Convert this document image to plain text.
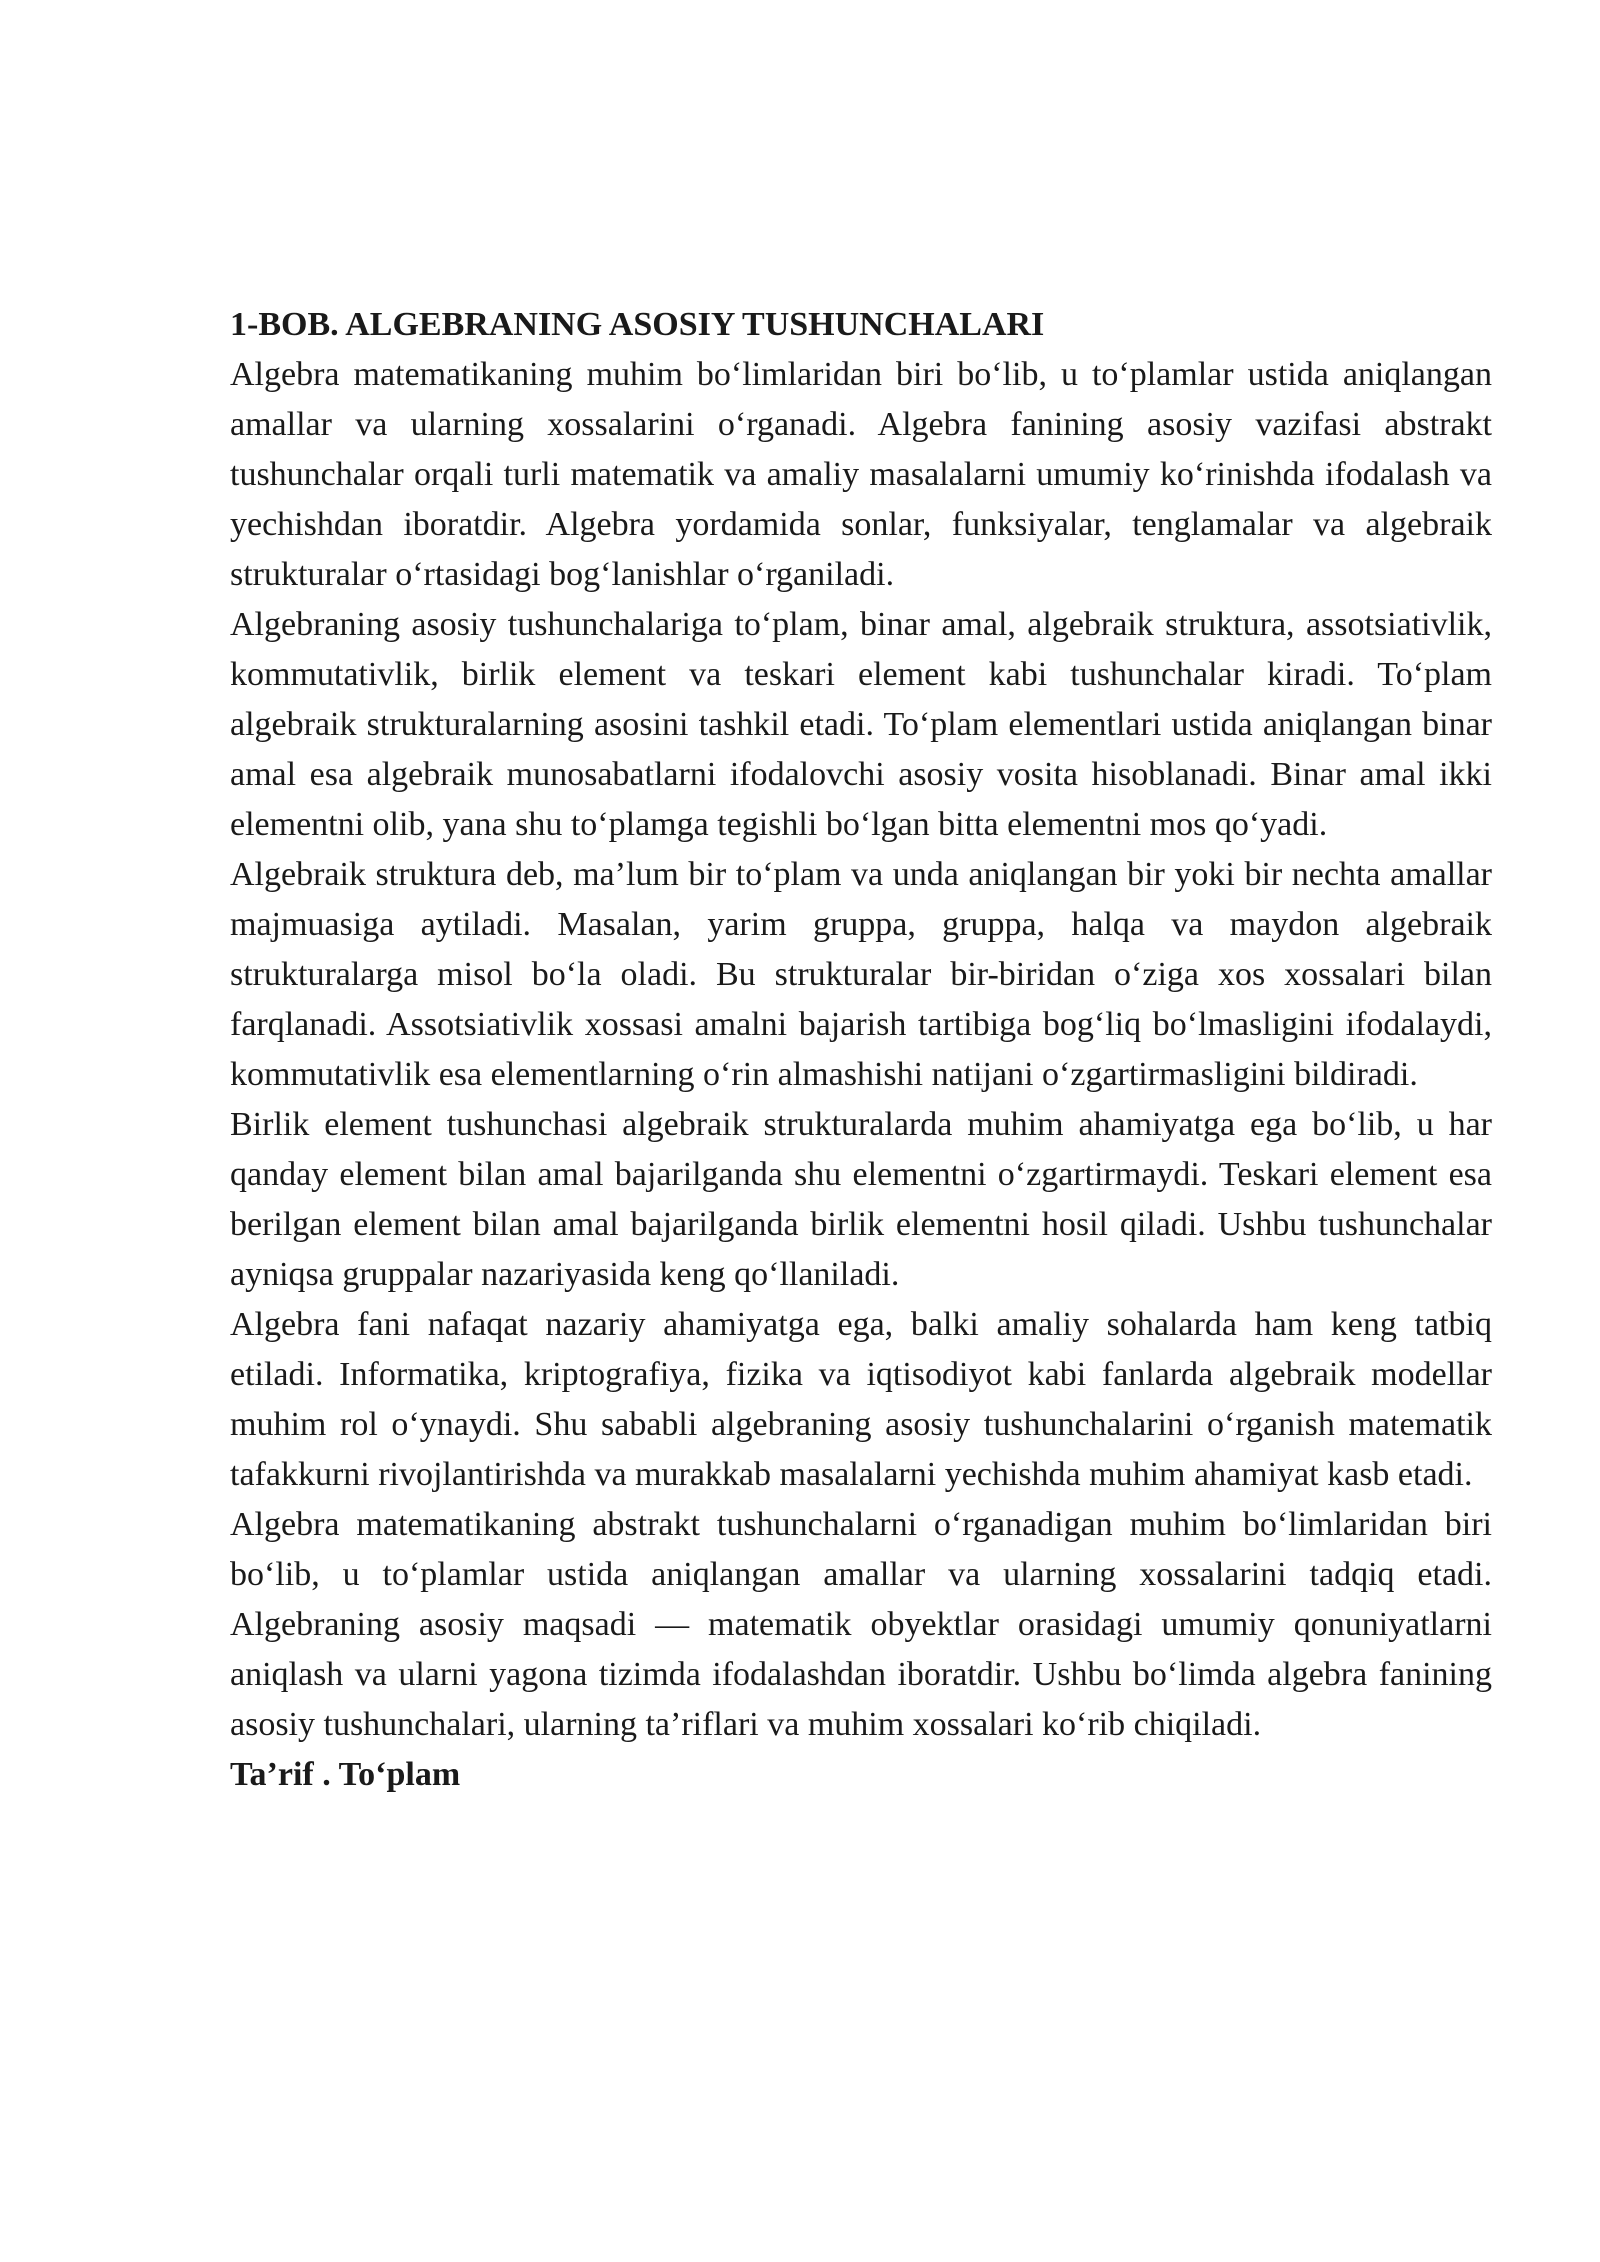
1-BOB. ALGEBRANING ASOSIY TUSHUNCHALARI

Algebra matematikaning muhim bo‘limlaridan biri bo‘lib, u to‘plamlar ustida aniqlangan amallar va ularning xossalarini o‘rganadi. Algebra fanining asosiy vazifasi abstrakt tushunchalar orqali turli matematik va amaliy masalalarni umumiy ko‘rinishda ifodalash va yechishdan iboratdir. Algebra yordamida sonlar, funksiyalar, tenglamalar va algebraik strukturalar o‘rtasidagi bog‘lanishlar o‘rganiladi.

Algebraning asosiy tushunchalariga to‘plam, binar amal, algebraik struktura, assotsiativlik, kommutativlik, birlik element va teskari element kabi tushunchalar kiradi. To‘plam algebraik strukturalarning asosini tashkil etadi. To‘plam elementlari ustida aniqlangan binar amal esa algebraik munosabatlarni ifodalovchi asosiy vosita hisoblanadi. Binar amal ikki elementni olib, yana shu to‘plamga tegishli bo‘lgan bitta elementni mos qo‘yadi.

Algebraik struktura deb, ma’lum bir to‘plam va unda aniqlangan bir yoki bir nechta amallar majmuasiga aytiladi. Masalan, yarim gruppa, gruppa, halqa va maydon algebraik strukturalarga misol bo‘la oladi. Bu strukturalar bir-biridan o‘ziga xos xossalari bilan farqlanadi. Assotsiativlik xossasi amalni bajarish tartibiga bog‘liq bo‘lmasligini ifodalaydi, kommutativlik esa elementlarning o‘rin almashishi natijani o‘zgartirmasligini bildiradi.

Birlik element tushunchasi algebraik strukturalarda muhim ahamiyatga ega bo‘lib, u har qanday element bilan amal bajarilganda shu elementni o‘zgartirmaydi. Teskari element esa berilgan element bilan amal bajarilganda birlik elementni hosil qiladi. Ushbu tushunchalar ayniqsa gruppalar nazariyasida keng qo‘llaniladi.

Algebra fani nafaqat nazariy ahamiyatga ega, balki amaliy sohalarda ham keng tatbiq etiladi. Informatika, kriptografiya, fizika va iqtisodiyot kabi fanlarda algebraik modellar muhim rol o‘ynaydi. Shu sababli algebraning asosiy tushunchalarini o‘rganish matematik tafakkurni rivojlantirishda va murakkab masalalarni yechishda muhim ahamiyat kasb etadi.

Algebra matematikaning abstrakt tushunchalarni o‘rganadigan muhim bo‘limlaridan biri bo‘lib, u to‘plamlar ustida aniqlangan amallar va ularning xossalarini tadqiq etadi. Algebraning asosiy maqsadi — matematik obyektlar orasidagi umumiy qonuniyatlarni aniqlash va ularni yagona tizimda ifodalashdan iboratdir. Ushbu bo‘limda algebra fanining asosiy tushunchalari, ularning ta’riflari va muhim xossalari ko‘rib chiqiladi.

Ta’rif . To‘plam
